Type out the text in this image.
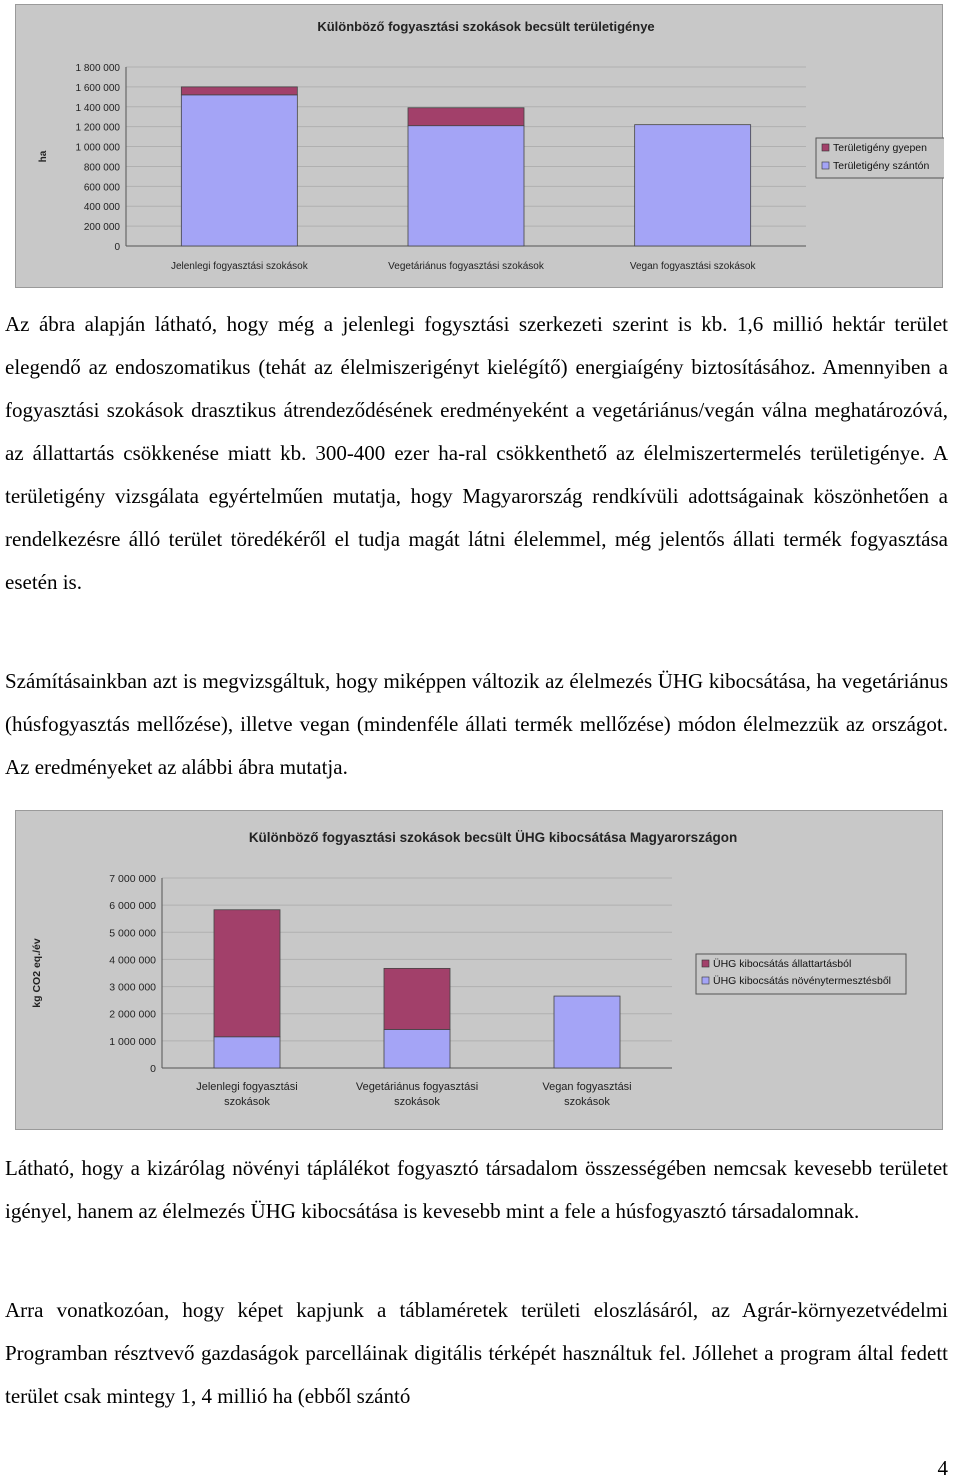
Különböző fogyasztási szokások becsült területigénye
0
200 000
400 000
600 000
800 000
1 000 000
1 200 000
1 400 000
1 600 000
1 800 000
ha
Jelenlegi fogyasztási szokások	Vegetáriánus fogyasztási szokások	Vegan fogyasztási szokások
Területigény gyepen
Területigény szántón

Az ábra alapján látható, hogy még a jelenlegi fogysztási szerkezeti szerint is kb. 1,6 millió hektár terület elegendő az endoszomatikus (tehát az élelmiszerigényt kielégítő) energiaígény biztosításához. Amennyiben a fogyasztási szokások drasztikus átrendeződésének eredményeként a vegetáriánus/vegán válna meghatározóvá, az állattartás csökkenése miatt kb. 300-400 ezer ha-ral csökkenthető az élelmiszertermelés területigénye. A területigény vizsgálata egyértelműen mutatja, hogy Magyarország rendkívüli adottságainak köszönhetően a rendelkezésre álló terület töredékéről el tudja magát látni élelemmel, még jelentős állati termék fogyasztása esetén is.

Számításainkban azt is megvizsgáltuk, hogy miképpen változik az élelmezés ÜHG kibocsátása, ha vegetáriánus (húsfogyasztás mellőzése), illetve vegan (mindenféle állati termék mellőzése) módon élelmezzük az országot. Az eredményeket az alábbi ábra mutatja.

Különböző fogyasztási szokások becsült ÜHG kibocsátása Magyarországon
0
1 000 000
2 000 000
3 000 000
4 000 000
5 000 000
6 000 000
7 000 000
kg CO2 eq./év
Jelenlegi fogyasztási
szokások
Vegetáriánus fogyasztási
szokások
Vegan fogyasztási
szokások
ÜHG kibocsátás állattartásból
ÜHG kibocsátás növénytermesztésből

Látható, hogy a kizárólag növényi táplálékot fogyasztó társadalom összességében nemcsak kevesebb területet igényel, hanem az élelmezés ÜHG kibocsátása is kevesebb mint a fele a húsfogyasztó társadalomnak.

Arra vonatkozóan, hogy képet kapjunk a táblaméretek területi eloszlásáról, az Agrár-környezetvédelmi Programban résztvevő gazdaságok parcelláinak digitális térképét használtuk fel. Jóllehet a program által fedett terület csak mintegy 1, 4 millió ha (ebből szántó

4
